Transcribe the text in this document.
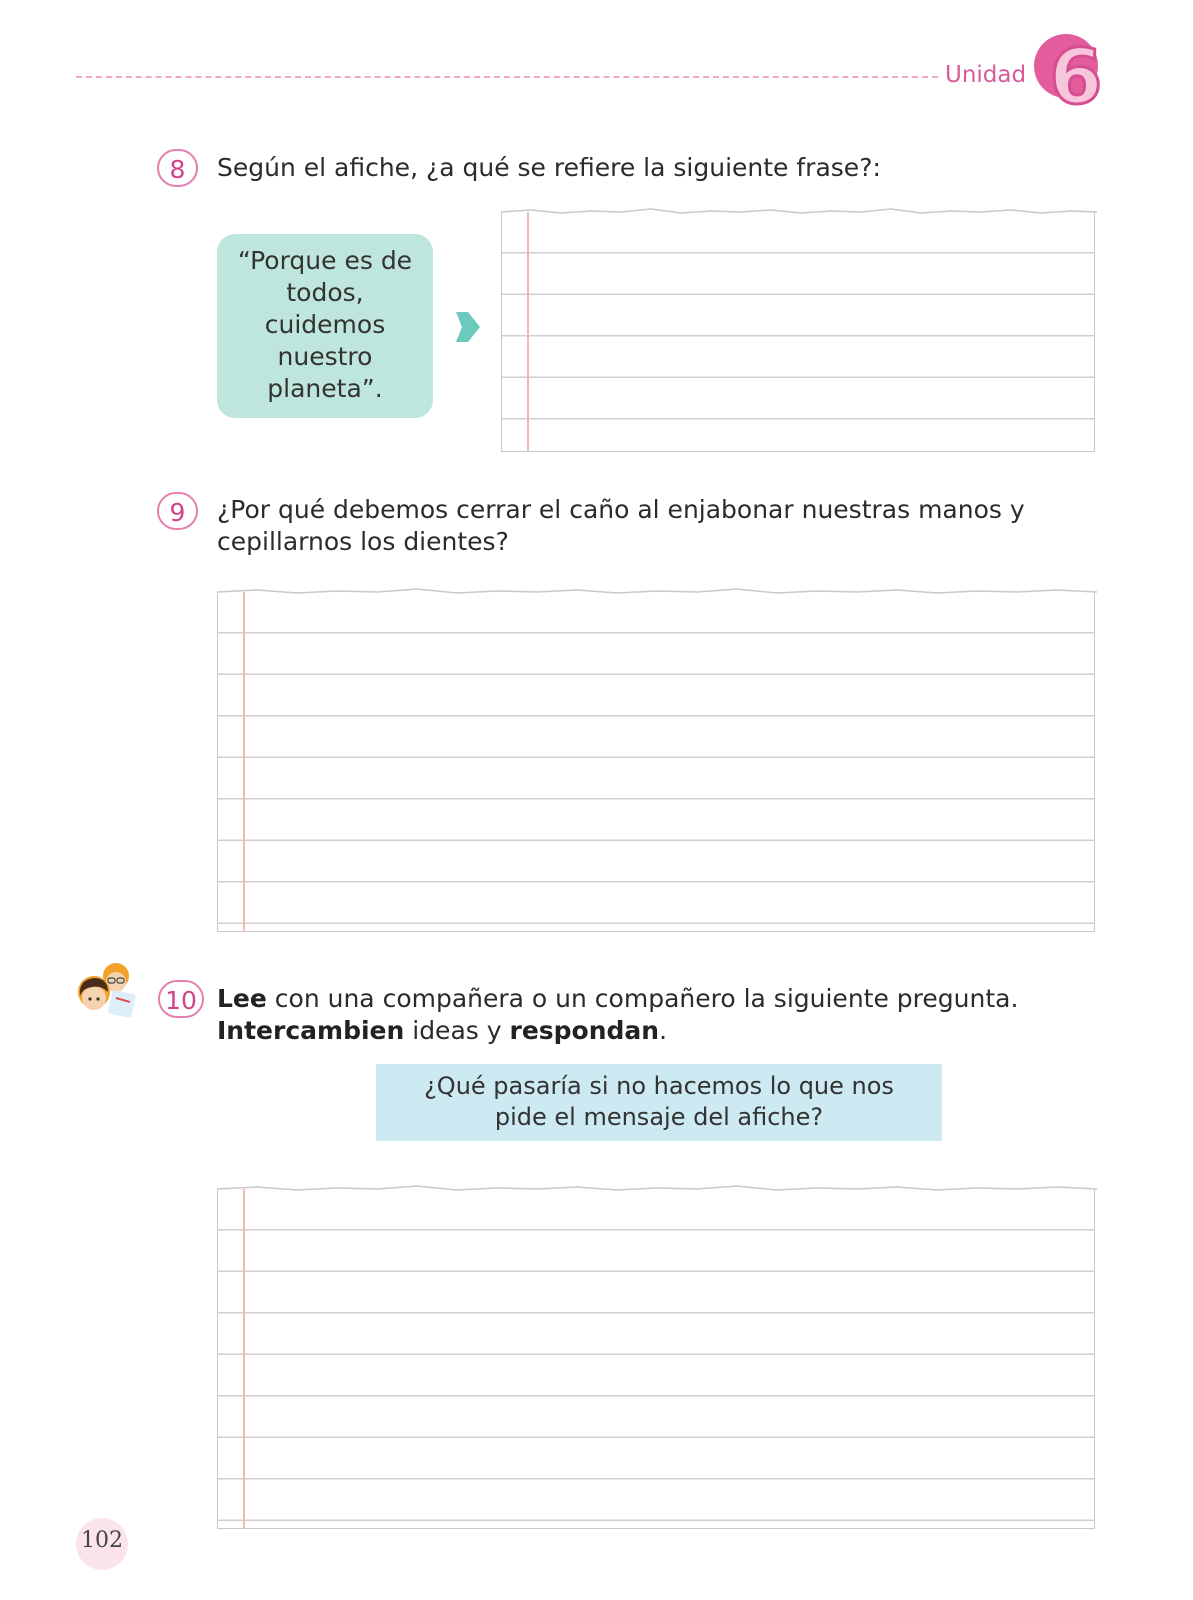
Unidad 6
8	Según el afiche, ¿a qué se refiere la siguiente frase?:
“Porque es de todos, cuidemos nuestro planeta”.
9	¿Por qué debemos cerrar el caño al enjabonar nuestras manos y
cepillarnos los dientes?
10 Lee con una compañera o un compañero la siguiente pregunta.
Intercambien ideas y respondan.
¿Qué pasaría si no hacemos lo que nos pide el mensaje del afiche?
102
